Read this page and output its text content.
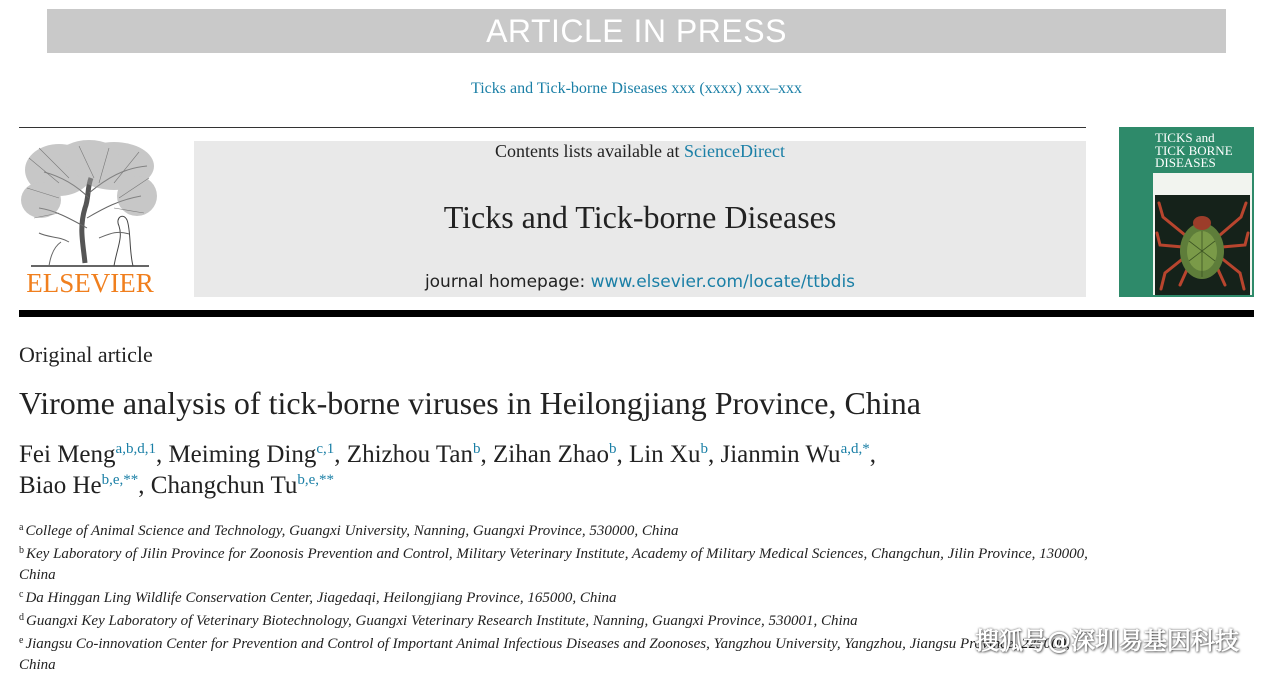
ARTICLE IN PRESS
Ticks and Tick-borne Diseases xxx (xxxx) xxx–xxx
ELSEVIER
Contents lists available at ScienceDirect
Ticks and Tick-borne Diseases
journal homepage: www.elsevier.com/locate/ttbdis
TICKS and
TICK BORNE
DISEASES
Original article
Virome analysis of tick-borne viruses in Heilongjiang Province, China
Fei Meng$^{a,b,d,1}$, Meiming Ding$^{c,1}$, Zhizhou Tan$^b$, Zihan Zhao$^b$, Lin Xu$^b$, Jianmin $Wu^{a,d,*}$,
Biao $He^{b,e,**}$, Changchun $Tu^{b,e,**}$

$^a$ College of Animal Science and Technology, Guangxi University, Nanning, Guangxi Province, 530000, China

$^b$ Key Laboratory of Jilin Province for Zoonosis Prevention and Control, Military Veterinary Institute, Academy of Military Medical Sciences, Changchun, Jilin Province, 130000, China

$^c$ Da Hinggan Ling Wildlife Conservation Center, Jiagedaqi, Heilongjiang Province, 165000, China

$^d$ Guangxi Key Laboratory of Veterinary Biotechnology, Guangxi Veterinary Research Institute, Nanning, Guangxi Province, 530001, China

$^e$ Jiangsu Co-innovation Center for Prevention and Control of Important Animal Infectious Diseases and Zoonoses, Yangzhou University, Yangzhou, Jiangsu Province, 225000, China

搜狐号@深圳易基因科技
